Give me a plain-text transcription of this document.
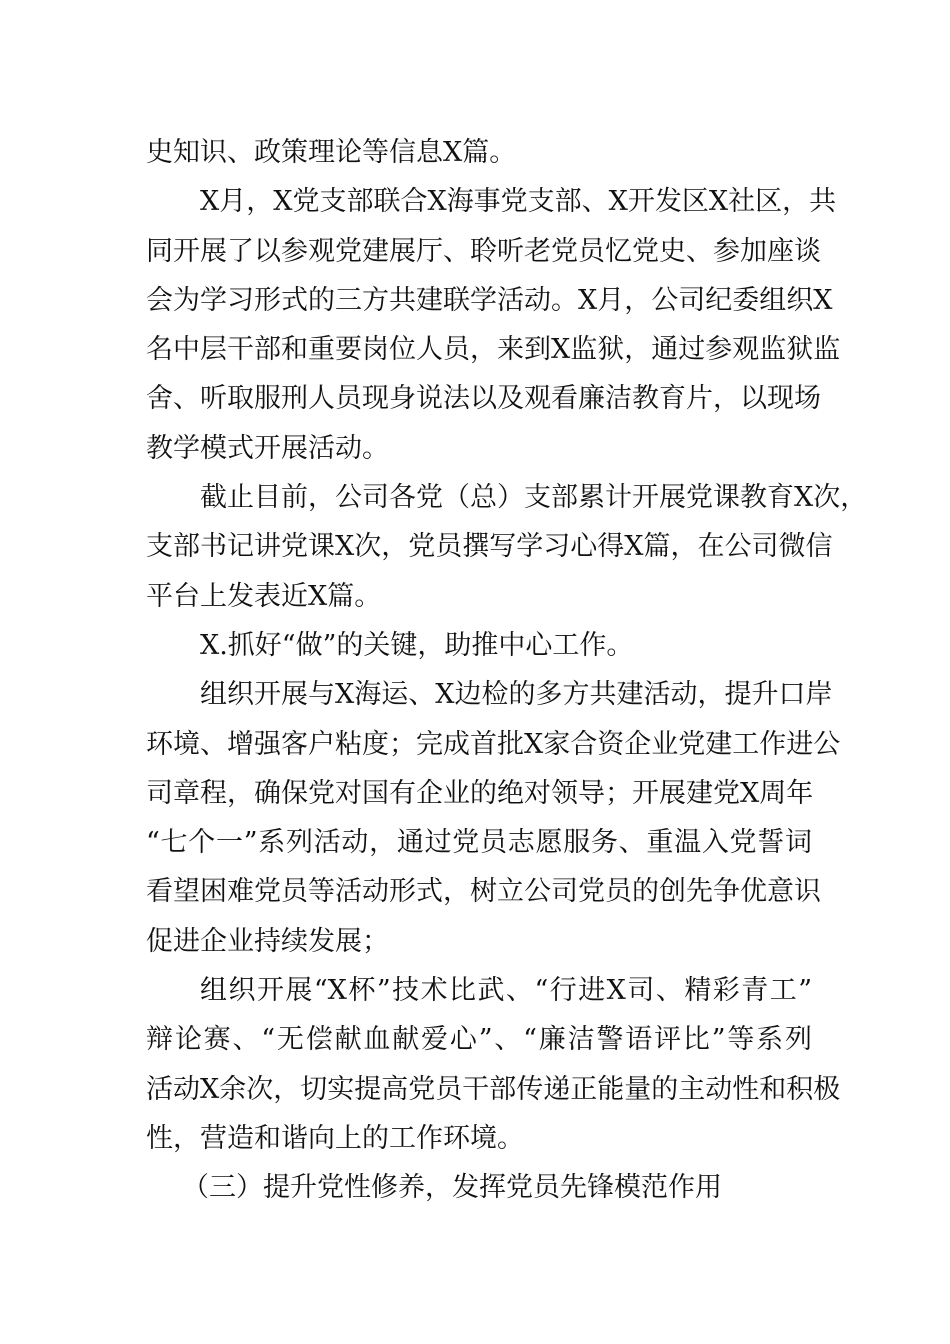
史知识、政策理论等信息X篇。
X月，X党支部联合X海事党支部、X开发区X社区，共
同开展了以参观党建展厅、聆听老党员忆党史、参加座谈
会为学习形式的三方共建联学活动。X月，公司纪委组织X
名中层干部和重要岗位人员，来到X监狱，通过参观监狱监
舍、听取服刑人员现身说法以及观看廉洁教育片，以现场
教学模式开展活动。
截止目前，公司各党（总）支部累计开展党课教育X次，
支部书记讲党课X次，党员撰写学习心得X篇，在公司微信
平台上发表近X篇。
X.抓好“做”的关键，助推中心工作。
组织开展与X海运、X边检的多方共建活动，提升口岸
环境、增强客户粘度；完成首批X家合资企业党建工作进公
司章程，确保党对国有企业的绝对领导；开展建党X周年
“七个一”系列活动，通过党员志愿服务、重温入党誓词
看望困难党员等活动形式，树立公司党员的创先争优意识
促进企业持续发展；
组织开展“X杯”技术比武、“行进X司、精彩青工”
辩论赛、“无偿献血献爱心”、“廉洁警语评比”等系列
活动X余次，切实提高党员干部传递正能量的主动性和积极
性，营造和谐向上的工作环境。
（三）提升党性修养，发挥党员先锋模范作用
